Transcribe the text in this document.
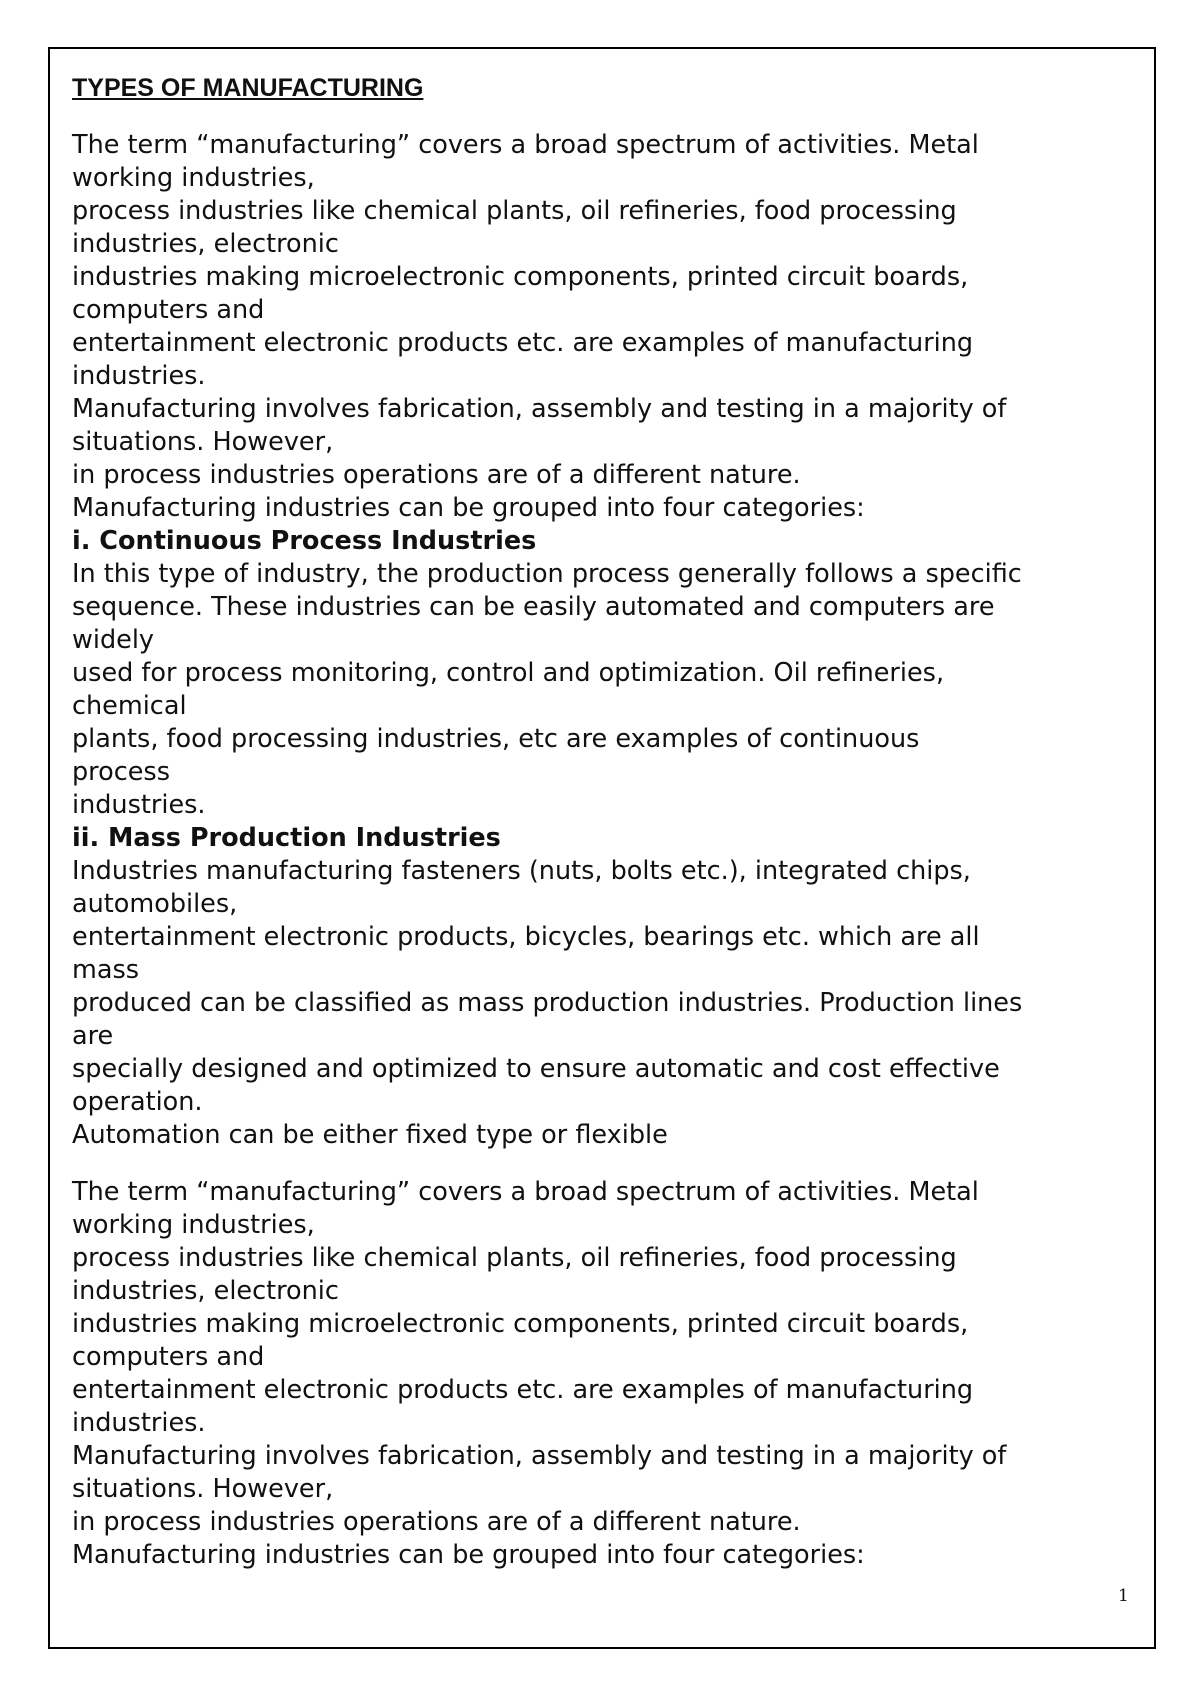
TYPES OF MANUFACTURING
The term “manufacturing” covers a broad spectrum of activities. Metal
working industries,
process industries like chemical plants, oil refineries, food processing
industries, electronic
industries making microelectronic components, printed circuit boards,
computers and
entertainment electronic products etc. are examples of manufacturing
industries.
Manufacturing involves fabrication, assembly and testing in a majority of
situations. However,
in process industries operations are of a different nature.
Manufacturing industries can be grouped into four categories:
i. Continuous Process Industries
In this type of industry, the production process generally follows a specific
sequence. These industries can be easily automated and computers are
widely
used for process monitoring, control and optimization. Oil refineries,
chemical
plants, food processing industries, etc are examples of continuous
process
industries.
ii. Mass Production Industries
Industries manufacturing fasteners (nuts, bolts etc.), integrated chips,
automobiles,
entertainment electronic products, bicycles, bearings etc. which are all
mass
produced can be classified as mass production industries. Production lines
are
specially designed and optimized to ensure automatic and cost effective
operation.
Automation can be either fixed type or flexible
The term “manufacturing” covers a broad spectrum of activities. Metal
working industries,
process industries like chemical plants, oil refineries, food processing
industries, electronic
industries making microelectronic components, printed circuit boards,
computers and
entertainment electronic products etc. are examples of manufacturing
industries.
Manufacturing involves fabrication, assembly and testing in a majority of
situations. However,
in process industries operations are of a different nature.
Manufacturing industries can be grouped into four categories:
1
